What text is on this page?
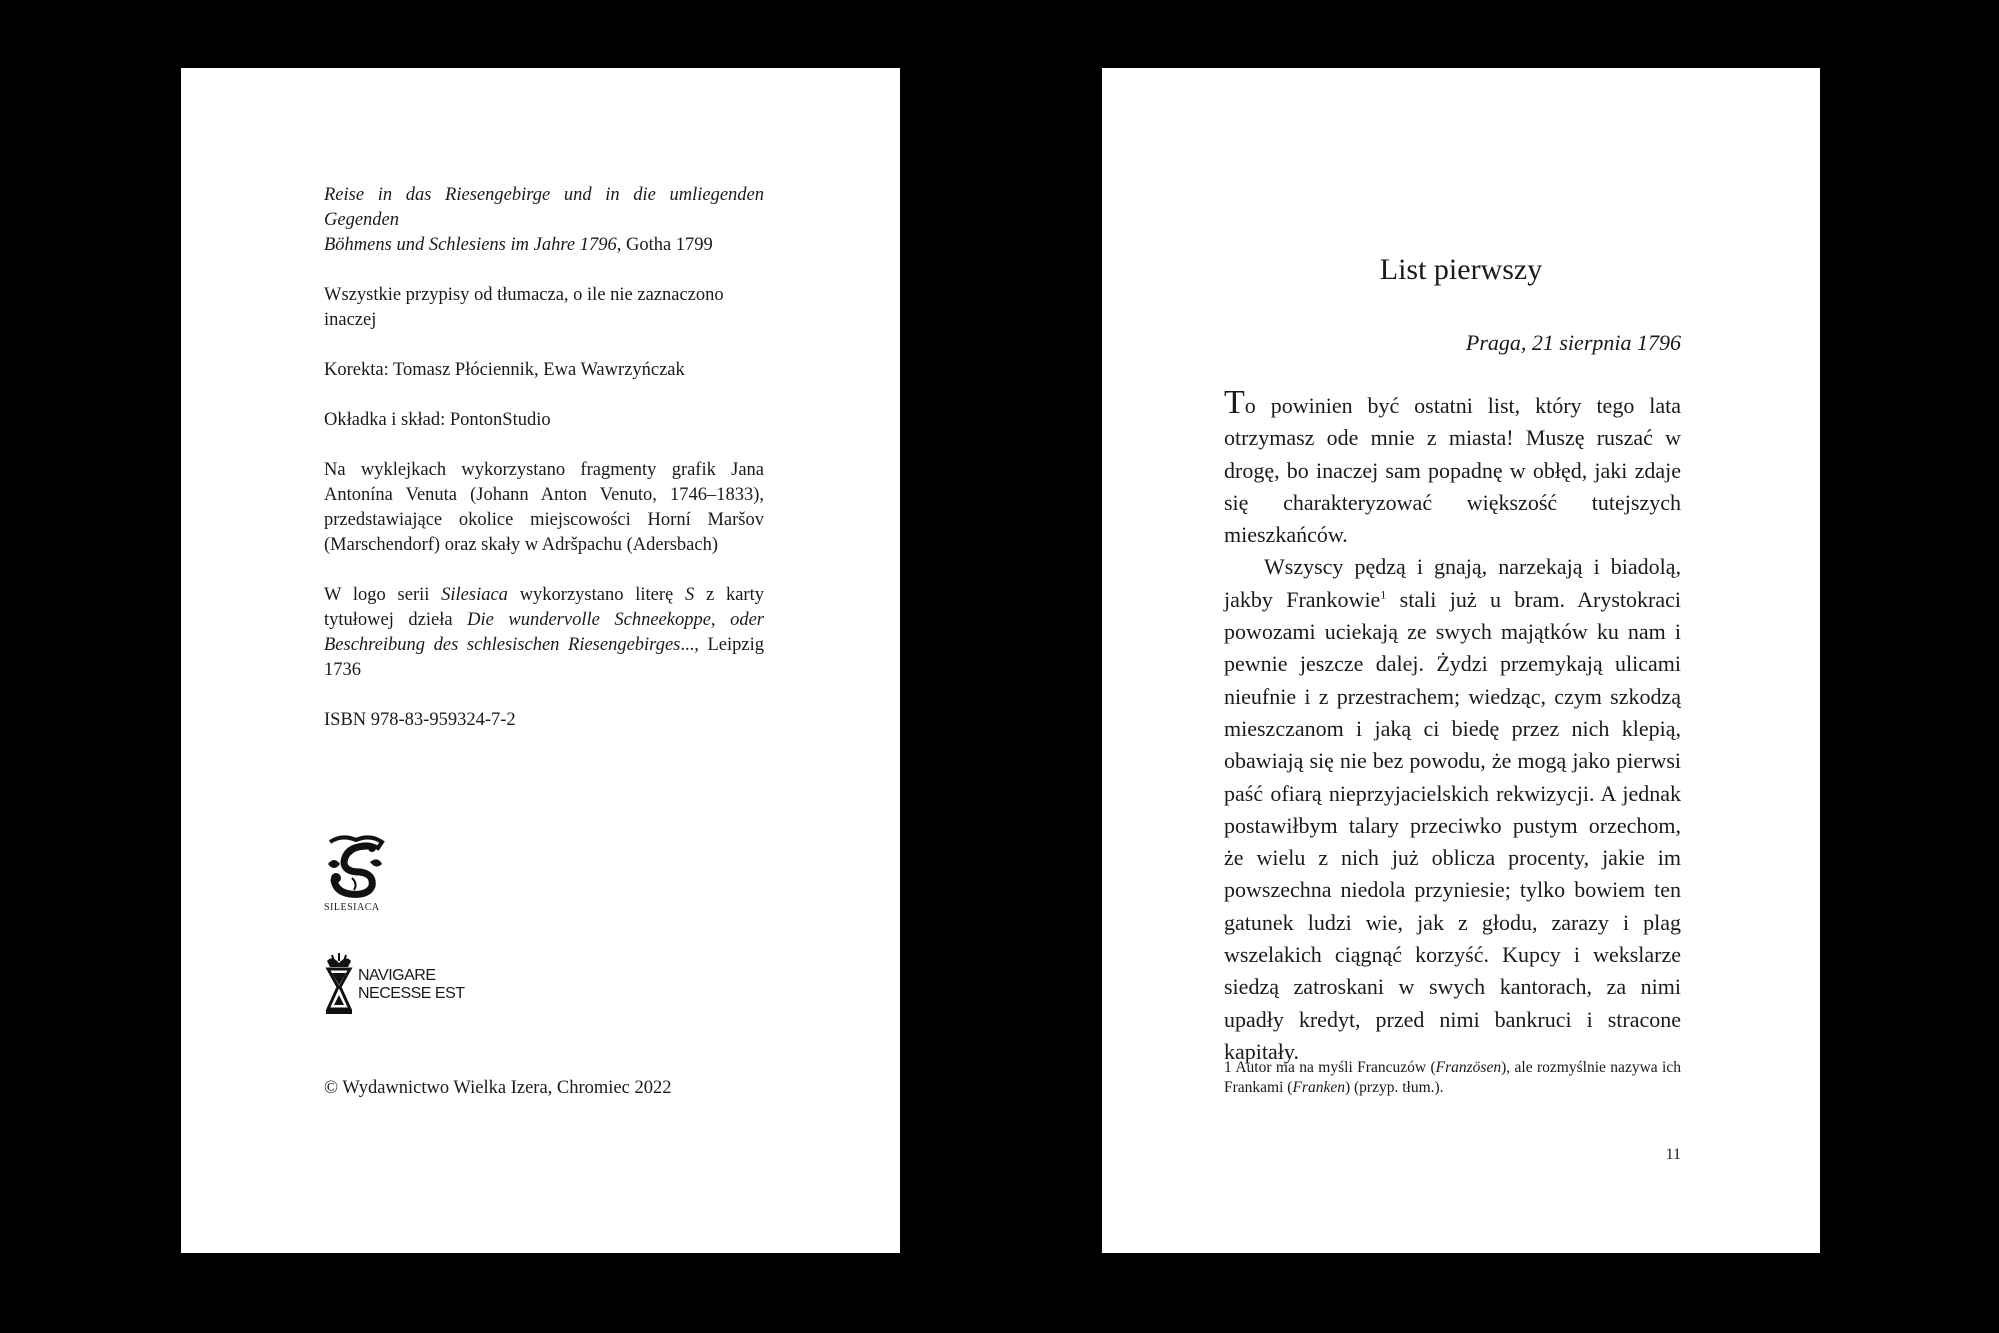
Reise in das Riesengebirge und in die umliegenden Gegenden
Böhmens und Schlesiens im Jahre 1796, Gotha 1799

Wszystkie przypisy od tłumacza, o ile nie zaznaczono inaczej

Korekta: Tomasz Płóciennik, Ewa Wawrzyńczak

Okładka i skład: PontonStudio

Na wyklejkach wykorzystano fragmenty grafik Jana Antonína Venuta (Johann Anton Venuto, 1746–1833), przedstawiające okolice miejscowości Horní Maršov (Marschendorf) oraz skały w Adršpachu (Adersbach)

W logo serii Silesiaca wykorzystano literę S z karty tytułowej dzieła Die wundervolle Schneekoppe, oder Beschreibung des schlesischen Riesengebirges..., Leipzig 1736

ISBN 978-83-959324-7-2

SILESIACA
NAVIGARE
NECESSE EST
© Wydawnictwo Wielka Izera, Chromiec 2022
List pierwszy
Praga, 21 sierpnia 1796

To powinien być ostatni list, który tego lata otrzymasz ode mnie z miasta! Muszę ruszać w drogę, bo inaczej sam popadnę w obłęd, jaki zdaje się charakteryzować większość tutejszych mieszkańców.

Wszyscy pędzą i gnają, narzekają i biadolą, jakby Frankowie$^1$ stali już u bram. Arystokraci powozami uciekają ze swych majątków ku nam i pewnie jeszcze dalej. Żydzi przemykają ulicami nieufnie i z przestrachem; wiedząc, czym szkodzą mieszczanom i jaką ci biedę przez nich klepią, obawiają się nie bez powodu, że mogą jako pierwsi paść ofiarą nieprzyjacielskich rekwizycji. A jednak postawiłbym talary przeciwko pustym orzechom, że wielu z nich już oblicza procenty, jakie im powszechna niedola przyniesie; tylko bowiem ten gatunek ludzi wie, jak z głodu, zarazy i plag wszelakich ciągnąć korzyść. Kupcy i wekslarze siedzą zatroskani w swych kantorach, za nimi upadły kredyt, przed nimi bankruci i stracone kapitały.

1 Autor ma na myśli Francuzów (Französen), ale rozmyślnie nazywa ich Frankami (Franken) (przyp. tłum.).
11
